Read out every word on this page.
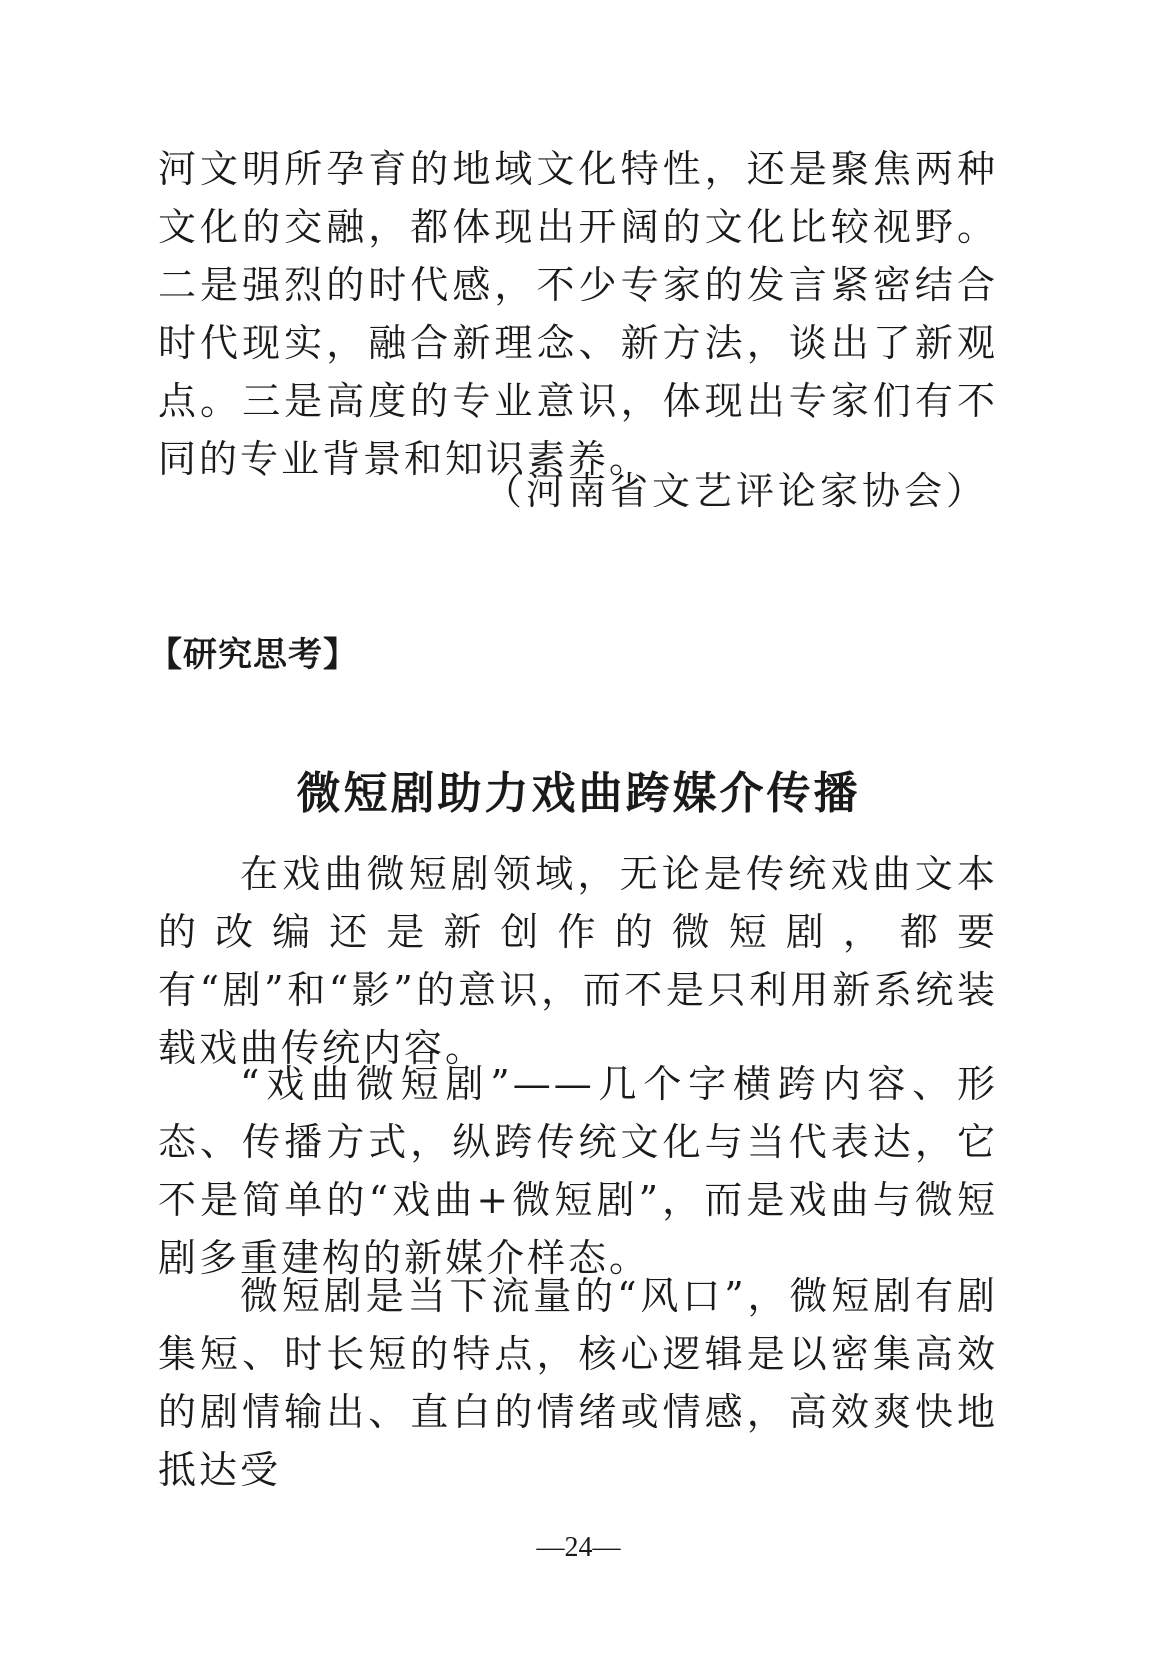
河文明所孕育的地域文化特性，还是聚焦两种文化的交融，都体现出开阔的文化比较视野。二是强烈的时代感，不少专家的发言紧密结合时代现实，融合新理念、新方法，谈出了新观点。三是高度的专业意识，体现出专家们有不同的专业背景和知识素养。

（河南省文艺评论家协会）
【研究思考】
微短剧助力戏曲跨媒介传播

在戏曲微短剧领域，无论是传统戏曲文本的改编还是新创作的微短剧，都要有“剧”和“影”的意识，而不是只利用新系统装载戏曲传统内容。

“戏曲微短剧”——几个字横跨内容、形态、传播方式，纵跨传统文化与当代表达，它不是简单的“戏曲+微短剧”，而是戏曲与微短剧多重建构的新媒介样态。

微短剧是当下流量的“风口”，微短剧有剧集短、时长短的特点，核心逻辑是以密集高效的剧情输出、直白的情绪或情感，高效爽快地抵达受

—24—
